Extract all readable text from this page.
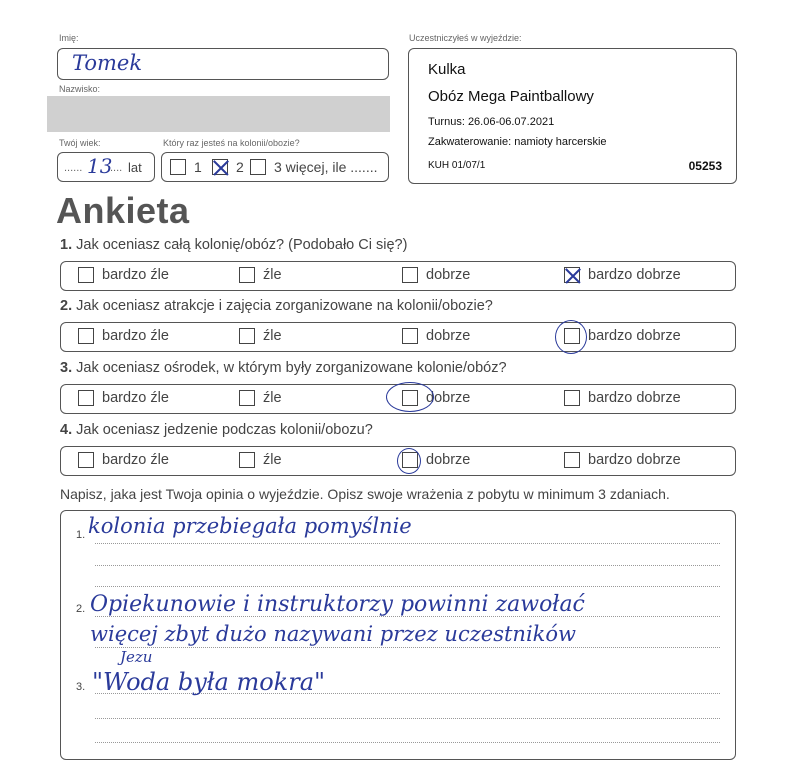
Imię:
Tomek
Nazwisko:
Twój wiek:
...... 13
.... lat
Który raz jesteś na kolonii/obozie?
1 2 3 więcej, ile .......
Uczestniczyłeś w wyjeździe:
Kulka
Obóz Mega Paintballowy
Turnus: 26.06-06.07.2021
Zakwaterowanie: namioty harcerskie
KUH 01/07/1	05253
Ankieta
1. Jak oceniasz całą kolonię/obóz? (Podobało Ci się?)
bardzo źle	źle	dobrze	bardzo dobrze
2. Jak oceniasz atrakcje i zajęcia zorganizowane na kolonii/obozie?
bardzo źle	źle	dobrze	bardzo dobrze
3. Jak oceniasz ośrodek, w którym były zorganizowane kolonie/obóz?
bardzo źle	źle	dobrze	bardzo dobrze
4. Jak oceniasz jedzenie podczas kolonii/obozu?
bardzo źle	źle	dobrze	bardzo dobrze
Napisz, jaka jest Twoja opinia o wyjeździe. Opisz swoje wrażenia z pobytu w minimum 3 zdaniach.
1. kolonia przebiegała pomyślnie
2. Opiekunowie i instruktorzy powinni zawołać
więcej zbyt dużo nazywani przez uczestników
Jezu
3. "Woda była mokra"
